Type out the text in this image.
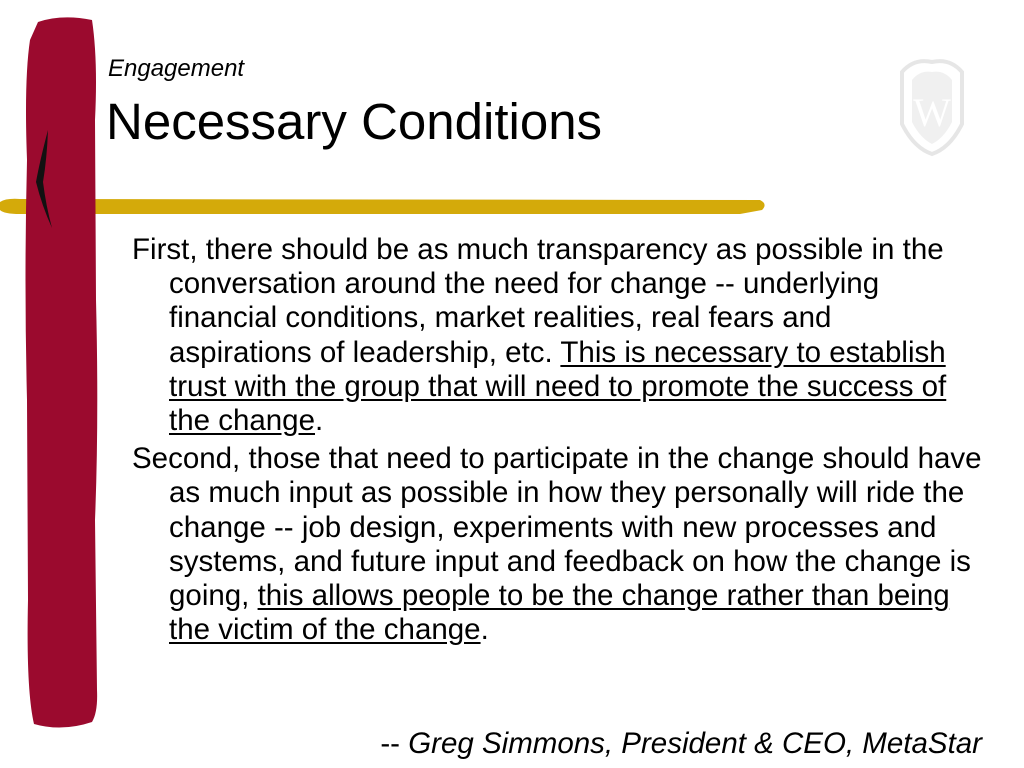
W
Engagement
Necessary Conditions

First, there should be as much transparency as possible in the conversation around the need for change -- underlying financial conditions, market realities, real fears and aspirations of leadership, etc. This is necessary to establish trust with the group that will need to promote the success of the change.

Second, those that need to participate in the change should have as much input as possible in how they personally will ride the change -- job design, experiments with new processes and systems, and future input and feedback on how the change is going, this allows people to be the change rather than being the victim of the change.

-- Greg Simmons, President & CEO, MetaStar
